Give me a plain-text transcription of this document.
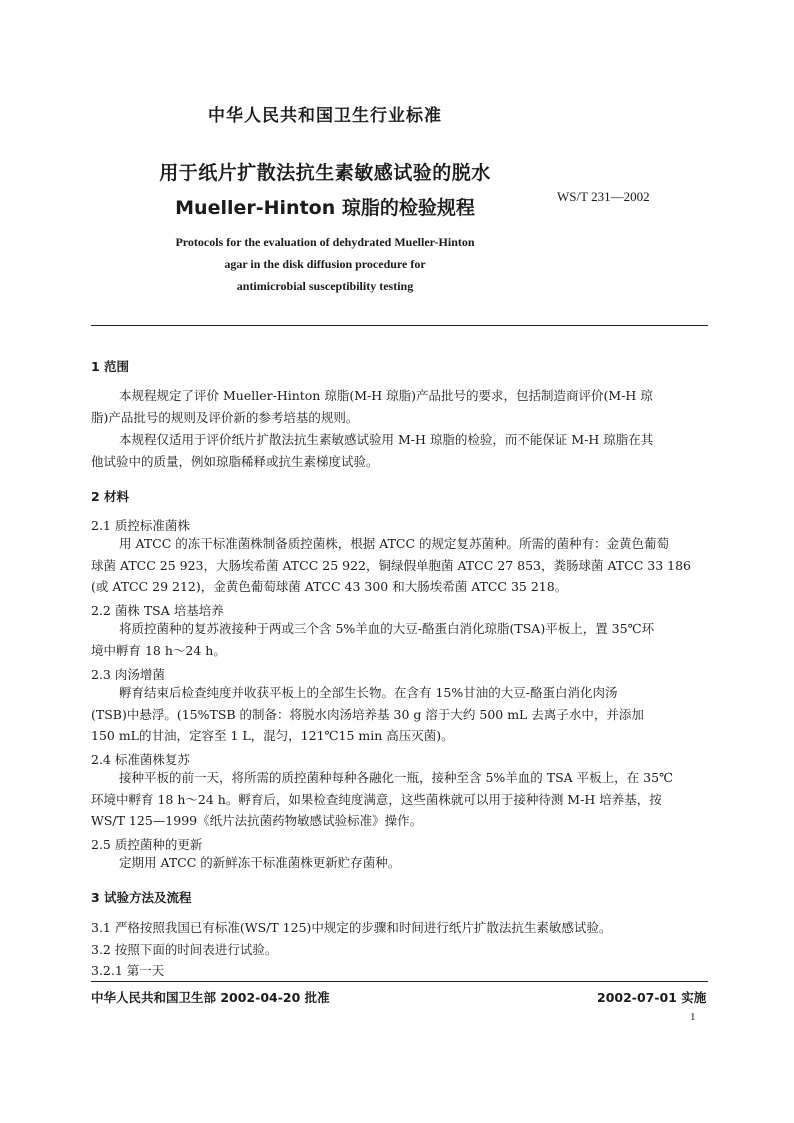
中华人民共和国卫生行业标准
用于纸片扩散法抗生素敏感试验的脱水
Mueller-Hinton 琼脂的检验规程
WS/T 231—2002
Protocols for the evaluation of dehydrated Mueller-Hinton
agar in the disk diffusion procedure for
antimicrobial susceptibility testing
1 范围
本规程规定了评价 Mueller-Hinton 琼脂(M-H 琼脂)产品批号的要求，包括制造商评价(M-H 琼
脂)产品批号的规则及评价新的参考培基的规则。
本规程仅适用于评价纸片扩散法抗生素敏感试验用 M-H 琼脂的检验，而不能保证 M-H 琼脂在其
他试验中的质量，例如琼脂稀释或抗生素梯度试验。
2 材料
2.1 质控标准菌株
用 ATCC 的冻干标准菌株制备质控菌株，根据 ATCC 的规定复苏菌种。所需的菌种有：金黄色葡萄
球菌 ATCC 25 923，大肠埃希菌 ATCC 25 922，铜绿假单胞菌 ATCC 27 853，粪肠球菌 ATCC 33 186
(或 ATCC 29 212)，金黄色葡萄球菌 ATCC 43 300 和大肠埃希菌 ATCC 35 218。
2.2 菌株 TSA 培基培养
将质控菌种的复苏液接种于两或三个含 5%羊血的大豆-酪蛋白消化琼脂(TSA)平板上，置 35℃环
境中孵育 18 h～24 h。
2.3 肉汤增菌
孵育结束后检查纯度并收获平板上的全部生长物。在含有 15%甘油的大豆-酪蛋白消化肉汤
(TSB)中悬浮。(15%TSB 的制备：将脱水肉汤培养基 30 g 溶于大约 500 mL 去离子水中，并添加
150 mL的甘油，定容至 1 L，混匀，121℃15 min 高压灭菌)。
2.4 标准菌株复苏
接种平板的前一天，将所需的质控菌种每种各融化一瓶，接种至含 5%羊血的 TSA 平板上，在 35℃
环境中孵育 18 h～24 h。孵育后，如果检查纯度满意，这些菌株就可以用于接种待测 M-H 培养基，按
WS/T 125—1999《纸片法抗菌药物敏感试验标准》操作。
2.5 质控菌种的更新
定期用 ATCC 的新鲜冻干标准菌株更新贮存菌种。
3 试验方法及流程
3.1 严格按照我国已有标准(WS/T 125)中规定的步骤和时间进行纸片扩散法抗生素敏感试验。
3.2 按照下面的时间表进行试验。
3.2.1 第一天
中华人民共和国卫生部 2002-04-20 批准	2002-07-01 实施
1
